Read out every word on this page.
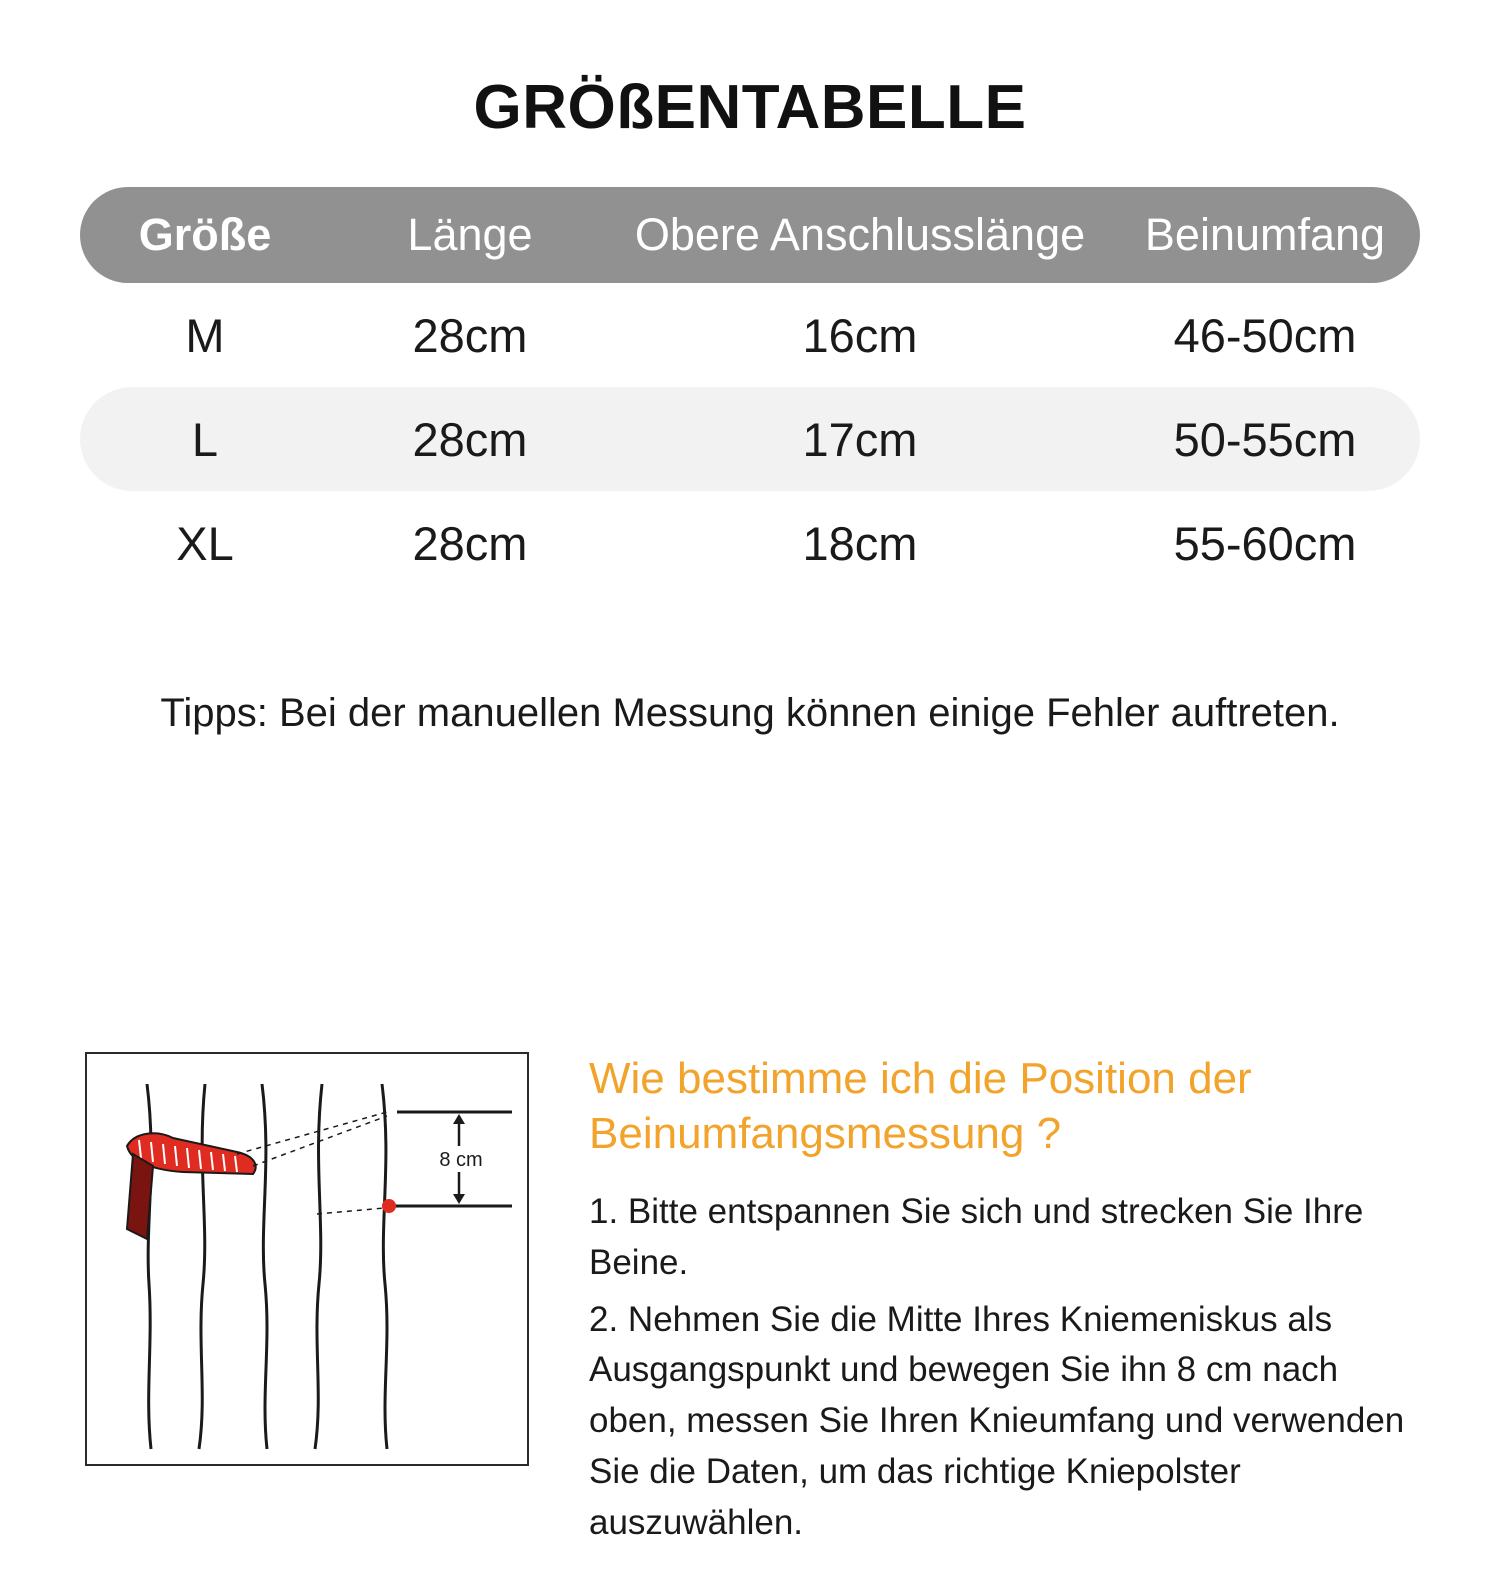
GRÖßENTABELLE
Größe	Länge	Obere Anschlusslänge	Beinumfang
M	28cm	16cm	46-50cm
L	28cm	17cm	50-55cm
XL	28cm	18cm	55-60cm
Tipps: Bei der manuellen Messung können einige Fehler auftreten.
8 cm
Wie bestimme ich die Position der Beinumfangsmessung ?
1. Bitte entspannen Sie sich und strecken Sie Ihre Beine.
2. Nehmen Sie die Mitte Ihres Kniemeniskus als Ausgangspunkt und bewegen Sie ihn 8 cm nach oben, messen Sie Ihren Knieumfang und verwenden Sie die Daten, um das richtige Kniepolster auszuwählen.
